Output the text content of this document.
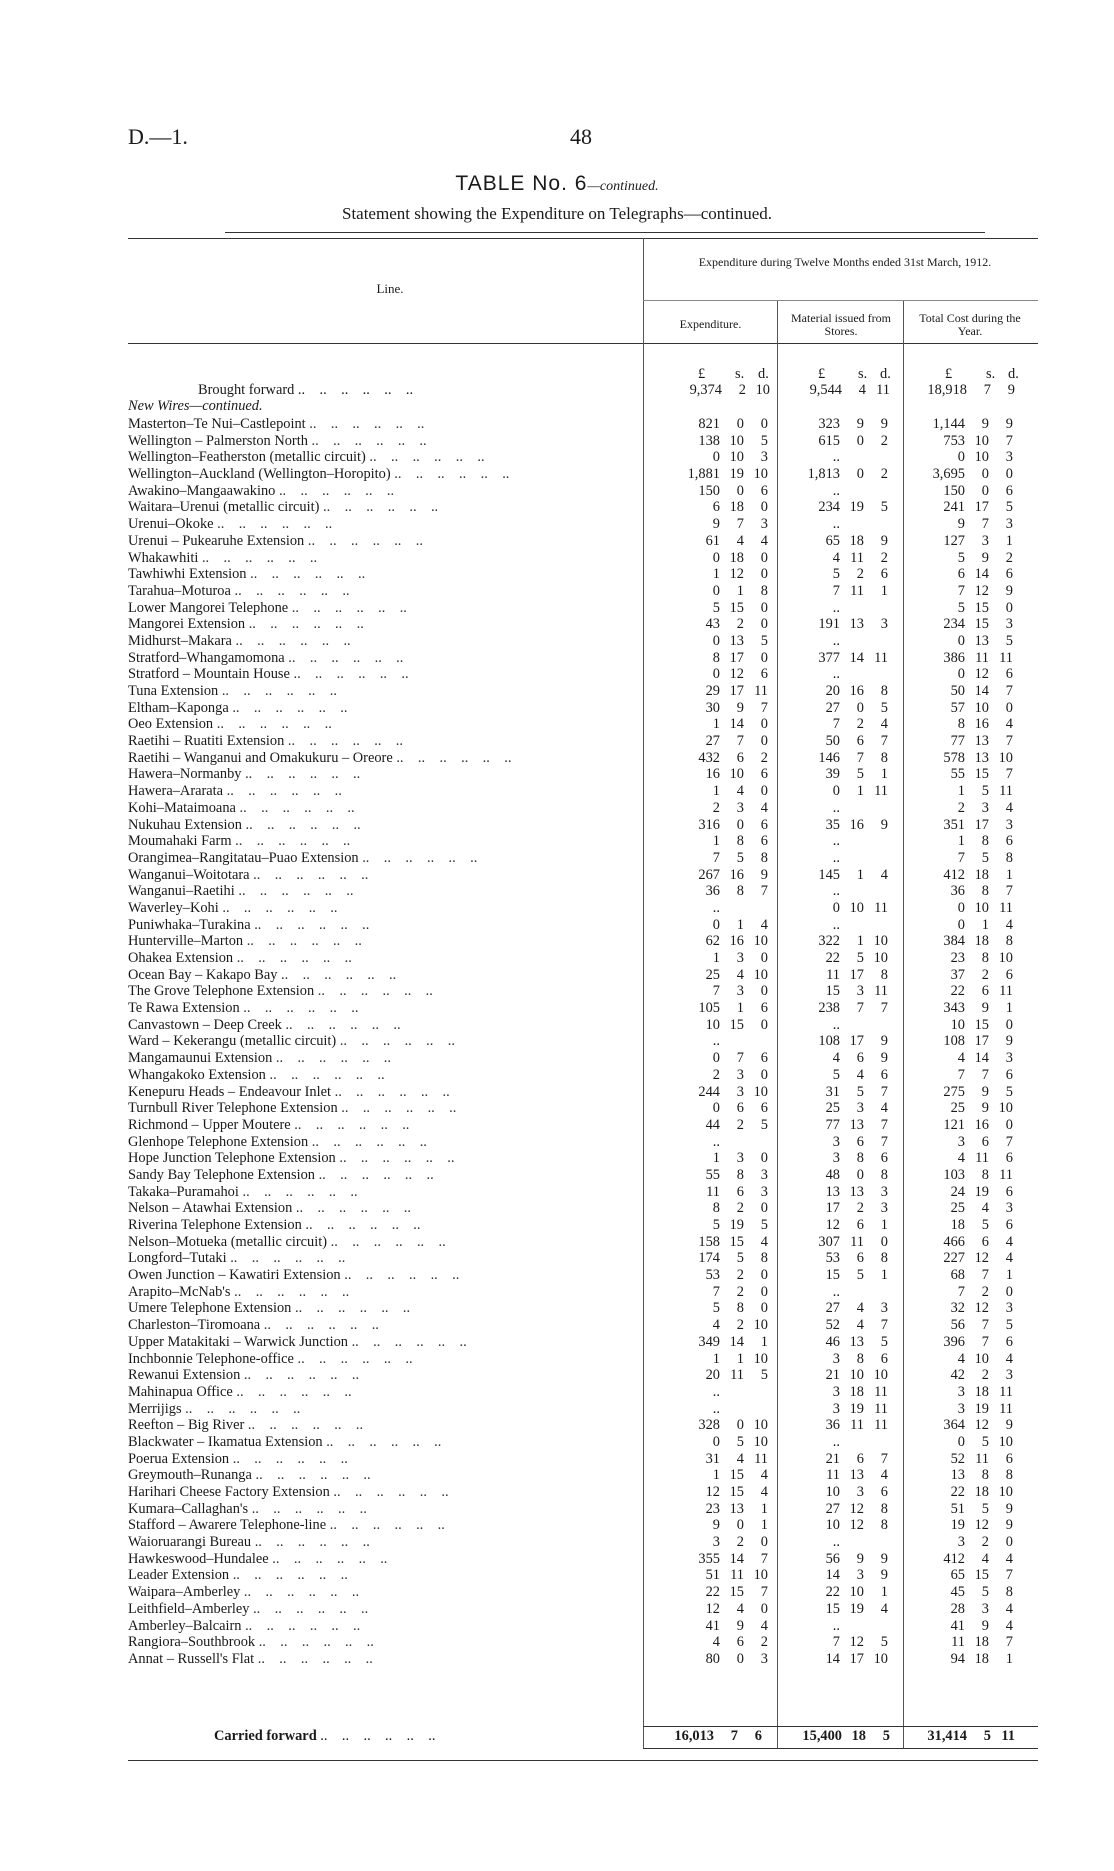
D.—1.	48
TABLE No. 6—continued.
Statement showing the Expenditure on Telegraphs—continued.
Line.
Expenditure during Twelve Months ended 31st March, 1912.
Expenditure.	Material issued from Stores.
Total Cost during the Year.
£ s. d.	£ s. d.	£ s. d.
Brought forward ..    ..    ..    ..    ..    ..	9,374 2 10	9,544 4 11	18,918 7 9
New Wires—continued.
Masterton–Te Nui–Castlepoint ..    ..    ..    ..    ..    ..	821 0 0	323 9 9	1,144 9 9
Wellington – Palmerston North ..    ..    ..    ..    ..    ..	138 10 5	615 0 2	753 10 7
Wellington–Featherston (metallic circuit) ..    ..    ..    ..    ..    ..	0 10 3	..	0 10 3
Wellington–Auckland (Wellington–Horopito) ..    ..    ..    ..    ..    ..	1,881 19 10	1,813 0 2	3,695 0 0
Awakino–Mangaawakino ..    ..    ..    ..    ..    ..	150 0 6	..	150 0 6
Waitara–Urenui (metallic circuit) ..    ..    ..    ..    ..    ..	6 18 0	234 19 5	241 17 5
Urenui–Okoke ..    ..    ..    ..    ..    ..	9 7 3	..	9 7 3
Urenui – Pukearuhe Extension ..    ..    ..    ..    ..    ..	61 4 4	65 18 9	127 3 1
Whakawhiti ..    ..    ..    ..    ..    ..	0 18 0	4 11 2	5 9 2
Tawhiwhi Extension ..    ..    ..    ..    ..    ..	1 12 0	5 2 6	6 14 6
Tarahua–Moturoa ..    ..    ..    ..    ..    ..	0 1 8	7 11 1	7 12 9
Lower Mangorei Telephone ..    ..    ..    ..    ..    ..	5 15 0	..	5 15 0
Mangorei Extension ..    ..    ..    ..    ..    ..	43 2 0	191 13 3	234 15 3
Midhurst–Makara ..    ..    ..    ..    ..    ..	0 13 5	..	0 13 5
Stratford–Whangamomona ..    ..    ..    ..    ..    ..	8 17 0	377 14 11	386 11 11
Stratford – Mountain House ..    ..    ..    ..    ..    ..	0 12 6	..	0 12 6
Tuna Extension ..    ..    ..    ..    ..    ..	29 17 11	20 16 8	50 14 7
Eltham–Kaponga ..    ..    ..    ..    ..    ..	30 9 7	27 0 5	57 10 0
Oeo Extension ..    ..    ..    ..    ..    ..	1 14 0	7 2 4	8 16 4
Raetihi – Ruatiti Extension ..    ..    ..    ..    ..    ..	27 7 0	50 6 7	77 13 7
Raetihi – Wanganui and Omakukuru – Oreore ..    ..    ..    ..    ..    ..	432 6 2	146 7 8	578 13 10
Hawera–Normanby ..    ..    ..    ..    ..    ..	16 10 6	39 5 1	55 15 7
Hawera–Ararata ..    ..    ..    ..    ..    ..	1 4 0	0 1 11	1 5 11
Kohi–Mataimoana ..    ..    ..    ..    ..    ..	2 3 4	..	2 3 4
Nukuhau Extension ..    ..    ..    ..    ..    ..	316 0 6	35 16 9	351 17 3
Moumahaki Farm ..    ..    ..    ..    ..    ..	1 8 6	..	1 8 6
Orangimea–Rangitatau–Puao Extension ..    ..    ..    ..    ..    ..	7 5 8	..	7 5 8
Wanganui–Woitotara ..    ..    ..    ..    ..    ..	267 16 9	145 1 4	412 18 1
Wanganui–Raetihi ..    ..    ..    ..    ..    ..	36 8 7	..	36 8 7
Waverley–Kohi ..    ..    ..    ..    ..    ..	..	0 10 11	0 10 11
Puniwhaka–Turakina ..    ..    ..    ..    ..    ..	0 1 4	..	0 1 4
Hunterville–Marton ..    ..    ..    ..    ..    ..	62 16 10	322 1 10	384 18 8
Ohakea Extension ..    ..    ..    ..    ..    ..	1 3 0	22 5 10	23 8 10
Ocean Bay – Kakapo Bay ..    ..    ..    ..    ..    ..	25 4 10	11 17 8	37 2 6
The Grove Telephone Extension ..    ..    ..    ..    ..    ..	7 3 0	15 3 11	22 6 11
Te Rawa Extension ..    ..    ..    ..    ..    ..	105 1 6	238 7 7	343 9 1
Canvastown – Deep Creek ..    ..    ..    ..    ..    ..	10 15 0	..	10 15 0
Ward – Kekerangu (metallic circuit) ..    ..    ..    ..    ..    ..	..	108 17 9	108 17 9
Mangamaunui Extension ..    ..    ..    ..    ..    ..	0 7 6	4 6 9	4 14 3
Whangakoko Extension ..    ..    ..    ..    ..    ..	2 3 0	5 4 6	7 7 6
Kenepuru Heads – Endeavour Inlet ..    ..    ..    ..    ..    ..	244 3 10	31 5 7	275 9 5
Turnbull River Telephone Extension ..    ..    ..    ..    ..    ..	0 6 6	25 3 4	25 9 10
Richmond – Upper Moutere ..    ..    ..    ..    ..    ..	44 2 5	77 13 7	121 16 0
Glenhope Telephone Extension ..    ..    ..    ..    ..    ..	..	3 6 7	3 6 7
Hope Junction Telephone Extension ..    ..    ..    ..    ..    ..	1 3 0	3 8 6	4 11 6
Sandy Bay Telephone Extension ..    ..    ..    ..    ..    ..	55 8 3	48 0 8	103 8 11
Takaka–Puramahoi ..    ..    ..    ..    ..    ..	11 6 3	13 13 3	24 19 6
Nelson – Atawhai Extension ..    ..    ..    ..    ..    ..	8 2 0	17 2 3	25 4 3
Riverina Telephone Extension ..    ..    ..    ..    ..    ..	5 19 5	12 6 1	18 5 6
Nelson–Motueka (metallic circuit) ..    ..    ..    ..    ..    ..	158 15 4	307 11 0	466 6 4
Longford–Tutaki ..    ..    ..    ..    ..    ..	174 5 8	53 6 8	227 12 4
Owen Junction – Kawatiri Extension ..    ..    ..    ..    ..    ..	53 2 0	15 5 1	68 7 1
Arapito–McNab's ..    ..    ..    ..    ..    ..	7 2 0	..	7 2 0
Umere Telephone Extension ..    ..    ..    ..    ..    ..	5 8 0	27 4 3	32 12 3
Charleston–Tiromoana ..    ..    ..    ..    ..    ..	4 2 10	52 4 7	56 7 5
Upper Matakitaki – Warwick Junction ..    ..    ..    ..    ..    ..	349 14 1	46 13 5	396 7 6
Inchbonnie Telephone-office ..    ..    ..    ..    ..    ..	1 1 10	3 8 6	4 10 4
Rewanui Extension ..    ..    ..    ..    ..    ..	20 11 5	21 10 10	42 2 3
Mahinapua Office ..    ..    ..    ..    ..    ..	..	3 18 11	3 18 11
Merrijigs ..    ..    ..    ..    ..    ..	..	3 19 11	3 19 11
Reefton – Big River ..    ..    ..    ..    ..    ..	328 0 10	36 11 11	364 12 9
Blackwater – Ikamatua Extension ..    ..    ..    ..    ..    ..	0 5 10	..	0 5 10
Poerua Extension ..    ..    ..    ..    ..    ..	31 4 11	21 6 7	52 11 6
Greymouth–Runanga ..    ..    ..    ..    ..    ..	1 15 4	11 13 4	13 8 8
Harihari Cheese Factory Extension ..    ..    ..    ..    ..    ..	12 15 4	10 3 6	22 18 10
Kumara–Callaghan's ..    ..    ..    ..    ..    ..	23 13 1	27 12 8	51 5 9
Stafford – Awarere Telephone-line ..    ..    ..    ..    ..    ..	9 0 1	10 12 8	19 12 9
Waioruarangi Bureau ..    ..    ..    ..    ..    ..	3 2 0	..	3 2 0
Hawkeswood–Hundalee ..    ..    ..    ..    ..    ..	355 14 7	56 9 9	412 4 4
Leader Extension ..    ..    ..    ..    ..    ..	51 11 10	14 3 9	65 15 7
Waipara–Amberley ..    ..    ..    ..    ..    ..	22 15 7	22 10 1	45 5 8
Leithfield–Amberley ..    ..    ..    ..    ..    ..	12 4 0	15 19 4	28 3 4
Amberley–Balcairn ..    ..    ..    ..    ..    ..	41 9 4	..	41 9 4
Rangiora–Southbrook ..    ..    ..    ..    ..    ..	4 6 2	7 12 5	11 18 7
Annat – Russell's Flat ..    ..    ..    ..    ..    ..	80 0 3	14 17 10	94 18 1
Carried forward ..    ..    ..    ..    ..    ..	16,013 7 6	15,400 18 5	31,414 5 11
